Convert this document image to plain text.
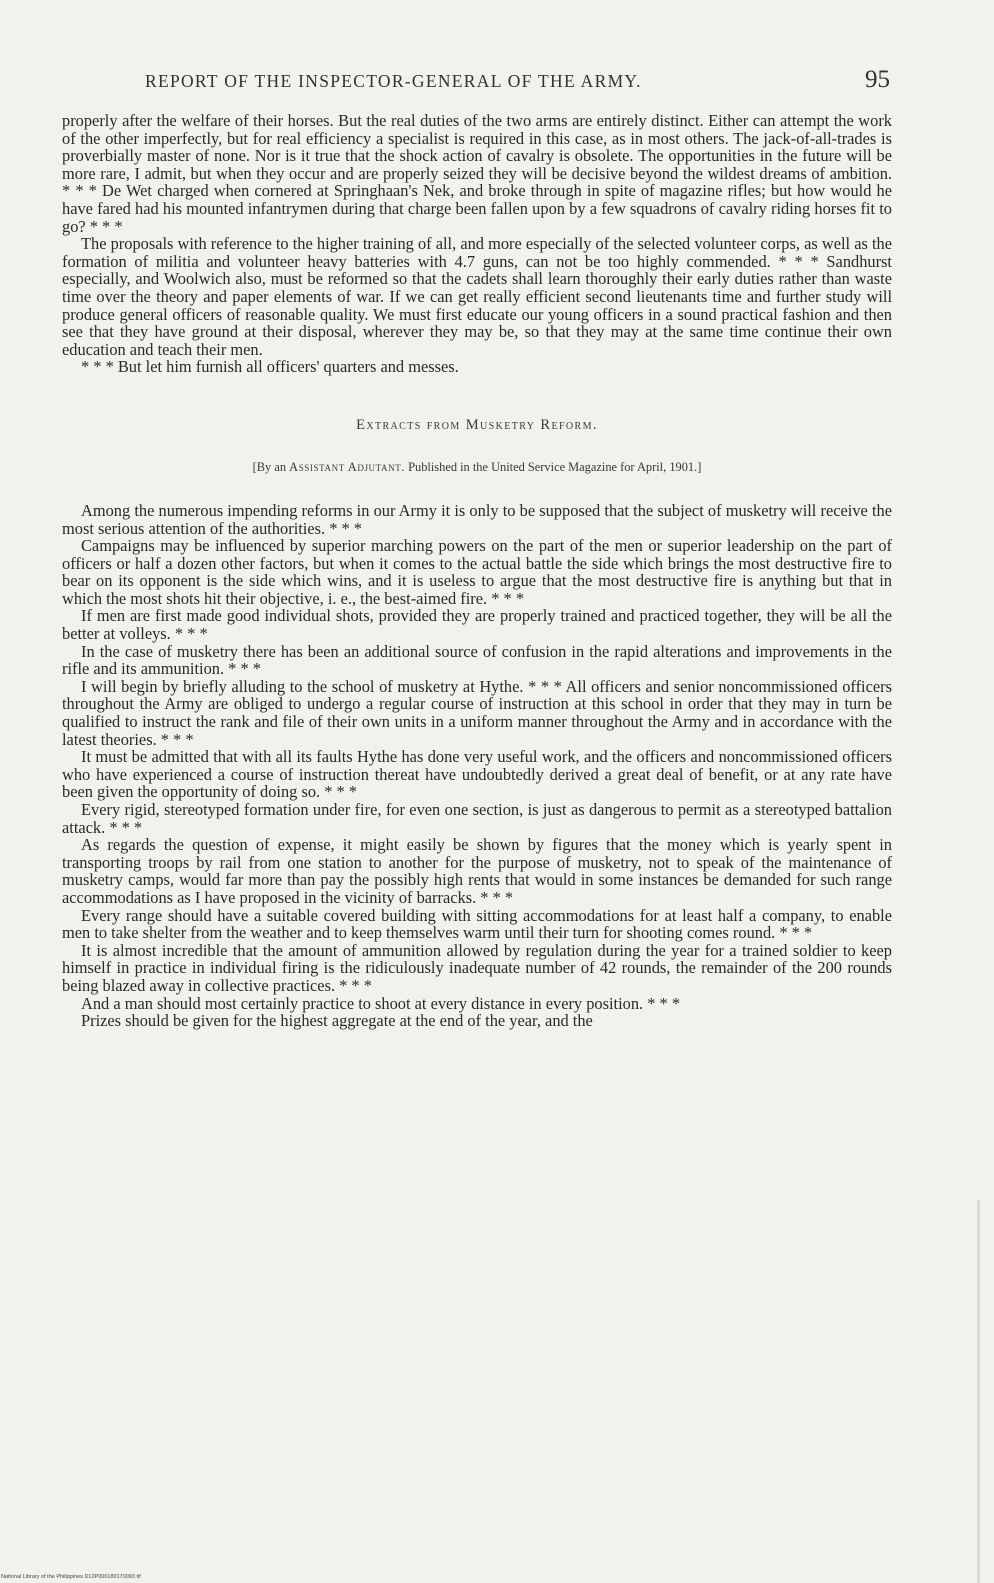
REPORT OF THE INSPECTOR-GENERAL OF THE ARMY.	95

properly after the welfare of their horses. But the real duties of the two arms are entirely distinct. Either can attempt the work of the other imperfectly, but for real efficiency a specialist is required in this case, as in most others. The jack-of-all-trades is proverbially master of none. Nor is it true that the shock action of cavalry is obsolete. The opportunities in the future will be more rare, I admit, but when they occur and are properly seized they will be decisive beyond the wildest dreams of ambition. * * * De Wet charged when cornered at Springhaan's Nek, and broke through in spite of magazine rifles; but how would he have fared had his mounted infantrymen during that charge been fallen upon by a few squadrons of cavalry riding horses fit to go? * * *

The proposals with reference to the higher training of all, and more especially of the selected volunteer corps, as well as the formation of militia and volunteer heavy batteries with 4.7 guns, can not be too highly commended. * * * Sandhurst especially, and Woolwich also, must be reformed so that the cadets shall learn thoroughly their early duties rather than waste time over the theory and paper elements of war. If we can get really efficient second lieutenants time and further study will produce general officers of reasonable quality. We must first educate our young officers in a sound practical fashion and then see that they have ground at their disposal, wherever they may be, so that they may at the same time continue their own education and teach their men.

* * * But let him furnish all officers' quarters and messes.

Extracts from Musketry Reform.
[By an Assistant Adjutant. Published in the United Service Magazine for April, 1901.]

Among the numerous impending reforms in our Army it is only to be supposed that the subject of musketry will receive the most serious attention of the authorities. * * *

Campaigns may be influenced by superior marching powers on the part of the men or superior leadership on the part of officers or half a dozen other factors, but when it comes to the actual battle the side which brings the most destructive fire to bear on its opponent is the side which wins, and it is useless to argue that the most destructive fire is anything but that in which the most shots hit their objective, i. e., the best-aimed fire. * * *

If men are first made good individual shots, provided they are properly trained and practiced together, they will be all the better at volleys. * * *

In the case of musketry there has been an additional source of confusion in the rapid alterations and improvements in the rifle and its ammunition. * * *

I will begin by briefly alluding to the school of musketry at Hythe. * * * All officers and senior noncommissioned officers throughout the Army are obliged to undergo a regular course of instruction at this school in order that they may in turn be qualified to instruct the rank and file of their own units in a uniform manner throughout the Army and in accordance with the latest theories. * * *

It must be admitted that with all its faults Hythe has done very useful work, and the officers and noncommissioned officers who have experienced a course of instruction thereat have undoubtedly derived a great deal of benefit, or at any rate have been given the opportunity of doing so. * * *

Every rigid, stereotyped formation under fire, for even one section, is just as dangerous to permit as a stereotyped battalion attack. * * *

As regards the question of expense, it might easily be shown by figures that the money which is yearly spent in transporting troops by rail from one station to another for the purpose of musketry, not to speak of the maintenance of musketry camps, would far more than pay the possibly high rents that would in some instances be demanded for such range accommodations as I have proposed in the vicinity of barracks. * * *

Every range should have a suitable covered building with sitting accommodations for at least half a company, to enable men to take shelter from the weather and to keep themselves warm until their turn for shooting comes round. * * *

It is almost incredible that the amount of ammunition allowed by regulation during the year for a trained soldier to keep himself in practice in individual firing is the ridiculously inadequate number of 42 rounds, the remainder of the 200 rounds being blazed away in collective practices. * * *

And a man should most certainly practice to shoot at every distance in every position. * * *

Prizes should be given for the highest aggregate at the end of the year, and the

National Library of the Philippines D12P000180170093 tif
